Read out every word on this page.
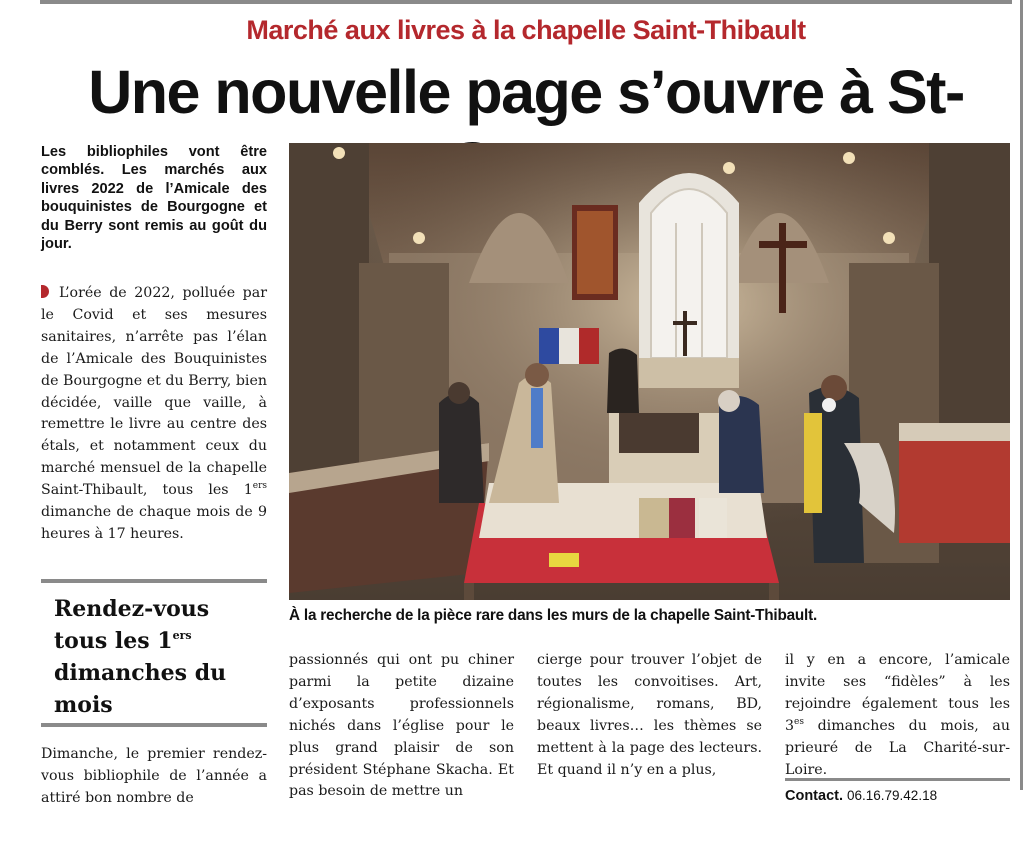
Marché aux livres à la chapelle Saint-Thibault
Une nouvelle page s’ouvre à St-
Les bibliophiles vont être comblés. Les marchés aux livres 2022 de l’Amicale des bouquinistes de Bourgogne et du Berry sont remis au goût du jour.
L’orée de 2022, polluée par le Covid et ses mesures sanitaires, n’arrête pas l’élan de l’Amicale des Bouquinistes de Bourgogne et du Berry, bien décidée, vaille que vaille, à remettre le livre au centre des étals, et notamment ceux du marché mensuel de la chapelle Saint-Thibault, tous les 1ers dimanche de chaque mois de 9 heures à 17 heures.
Rendez-vous tous les 1ers dimanches du mois
Dimanche, le premier rendez-vous bibliophile de l’année a attiré bon nombre de
À la recherche de la pièce rare dans les murs de la chapelle Saint-Thibault.
passionnés qui ont pu chiner parmi la petite dizaine d’exposants professionnels nichés dans l’église pour le plus grand plaisir de son président Stéphane Skacha. Et pas besoin de mettre un
cierge pour trouver l’objet de toutes les convoitises. Art, régionalisme, romans, BD, beaux livres… les thèmes se mettent à la page des lecteurs. Et quand il n’y en a plus,
il y en a encore, l’amicale invite ses “fidèles” à les rejoindre également tous les $3^{es}$ dimanches du mois, au prieuré de La Charité-sur-Loire.
Contact. 06.16.79.42.18
